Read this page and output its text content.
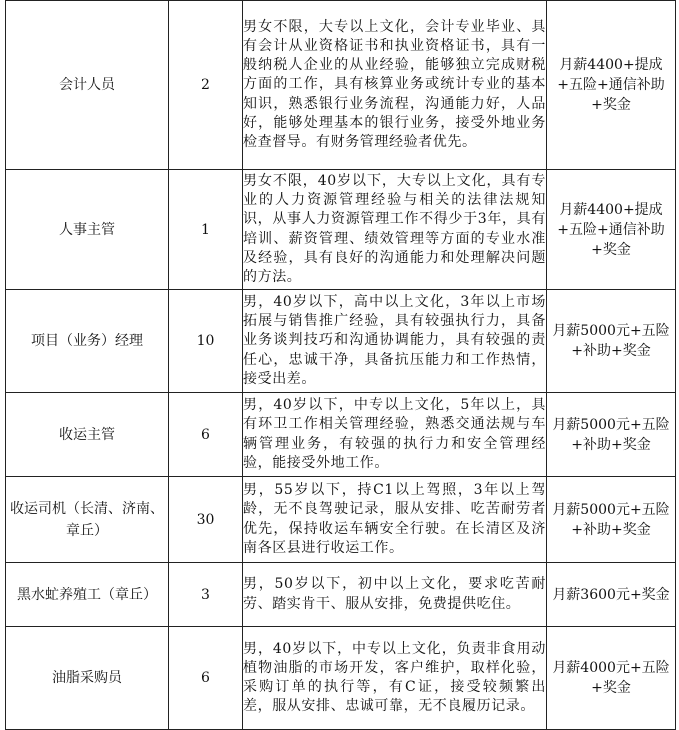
会计人员	2	男女不限，大专以上文化，会计专业毕业、具有会计从业资格证书和执业资格证书，具有一般纳税人企业的从业经验，能够独立完成财税方面的工作，具有核算业务或统计专业的基本知识，熟悉银行业务流程，沟通能力好，人品好，能够处理基本的银行业务，接受外地业务检查督导。有财务管理经验者优先。	月薪4400+提成+五险+通信补助+奖金

人事主管	1	男女不限，40岁以下，大专以上文化，具有专业的人力资源管理经验与相关的法律法规知识，从事人力资源管理工作不得少于3年，具有培训、薪资管理、绩效管理等方面的专业水准及经验，具有良好的沟通能力和处理解决问题的方法。	月薪4400+提成+五险+通信补助+奖金

项目（业务）经理	10	男，40岁以下，高中以上文化，3年以上市场拓展与销售推广经验，具有较强执行力，具备业务谈判技巧和沟通协调能力，具有较强的责任心，忠诚干净，具备抗压能力和工作热情，接受出差。	月薪5000元+五险+补助+奖金

收运主管	6	男，40岁以下，中专以上文化，5年以上，具有环卫工作相关管理经验，熟悉交通法规与车辆管理业务，有较强的执行力和安全管理经验，能接受外地工作。	月薪5000元+五险+补助+奖金

收运司机（长清、济南、章丘）	30	男，55岁以下，持C1以上驾照，3年以上驾龄，无不良驾驶记录，服从安排、吃苦耐劳者优先，保持收运车辆安全行驶。在长清区及济南各区县进行收运工作。	月薪5000元+五险+补助+奖金

黑水虻养殖工（章丘）	3	男，50岁以下，初中以上文化，要求吃苦耐劳、踏实肯干、服从安排，免费提供吃住。	月薪3600元+奖金

油脂采购员	6	男，40岁以下，中专以上文化，负责非食用动植物油脂的市场开发，客户维护，取样化验，采购订单的执行等，有C证，接受较频繁出差，服从安排、忠诚可靠，无不良履历记录。	月薪4000元+五险+奖金
